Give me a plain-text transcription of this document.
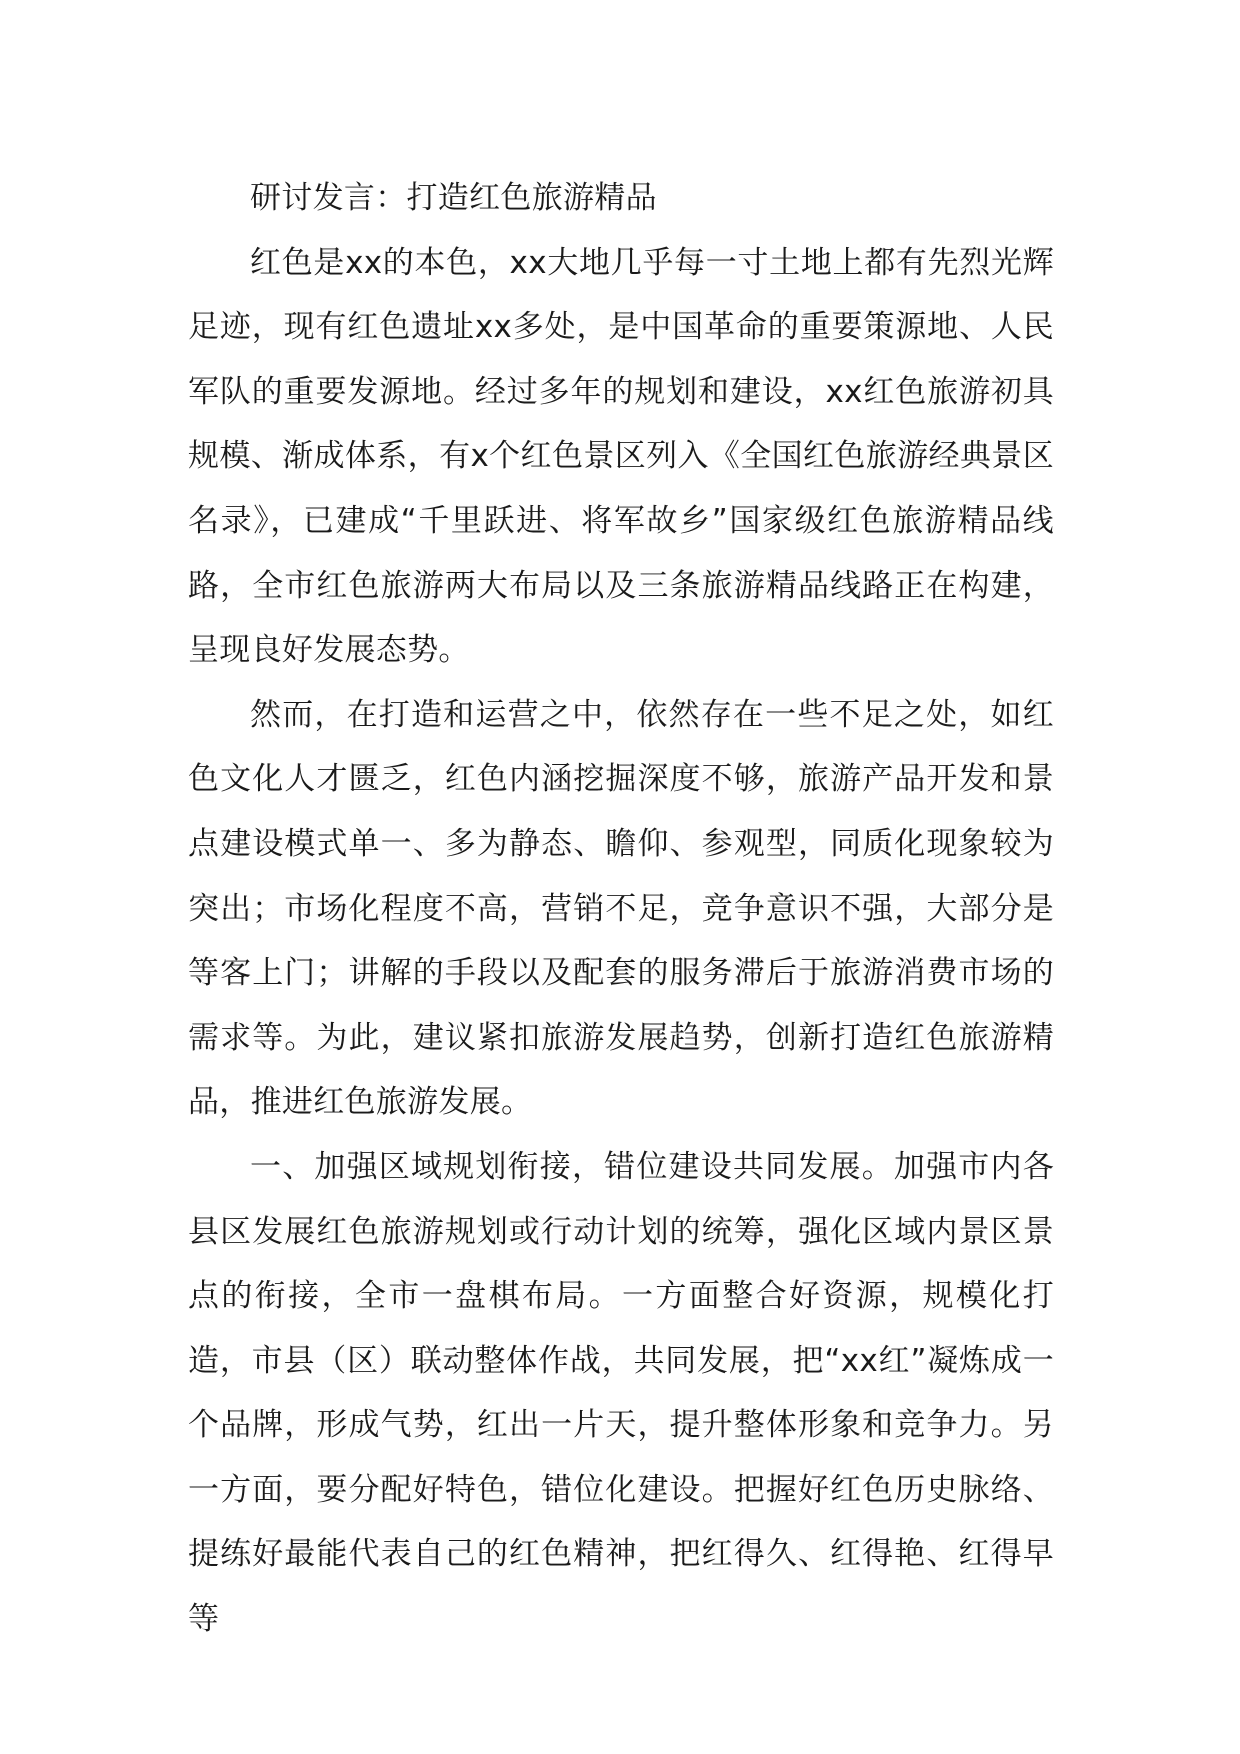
研讨发言：打造红色旅游精品

红色是xx的本色，xx大地几乎每一寸土地上都有先烈光辉足迹，现有红色遗址xx多处，是中国革命的重要策源地、人民军队的重要发源地。经过多年的规划和建设，xx红色旅游初具规模、渐成体系，有x个红色景区列入《全国红色旅游经典景区名录》，已建成“千里跃进、将军故乡”国家级红色旅游精品线路，全市红色旅游两大布局以及三条旅游精品线路正在构建，呈现良好发展态势。

然而，在打造和运营之中，依然存在一些不足之处，如红色文化人才匮乏，红色内涵挖掘深度不够，旅游产品开发和景点建设模式单一、多为静态、瞻仰、参观型，同质化现象较为突出；市场化程度不高，营销不足，竞争意识不强，大部分是等客上门；讲解的手段以及配套的服务滞后于旅游消费市场的需求等。为此，建议紧扣旅游发展趋势，创新打造红色旅游精品，推进红色旅游发展。

一、加强区域规划衔接，错位建设共同发展。加强市内各县区发展红色旅游规划或行动计划的统筹，强化区域内景区景点的衔接，全市一盘棋布局。一方面整合好资源，规模化打造，市县（区）联动整体作战，共同发展，把“xx红”凝炼成一个品牌，形成气势，红出一片天，提升整体形象和竞争力。另一方面，要分配好特色，错位化建设。把握好红色历史脉络、提练好最能代表自己的红色精神，把红得久、红得艳、红得早等
